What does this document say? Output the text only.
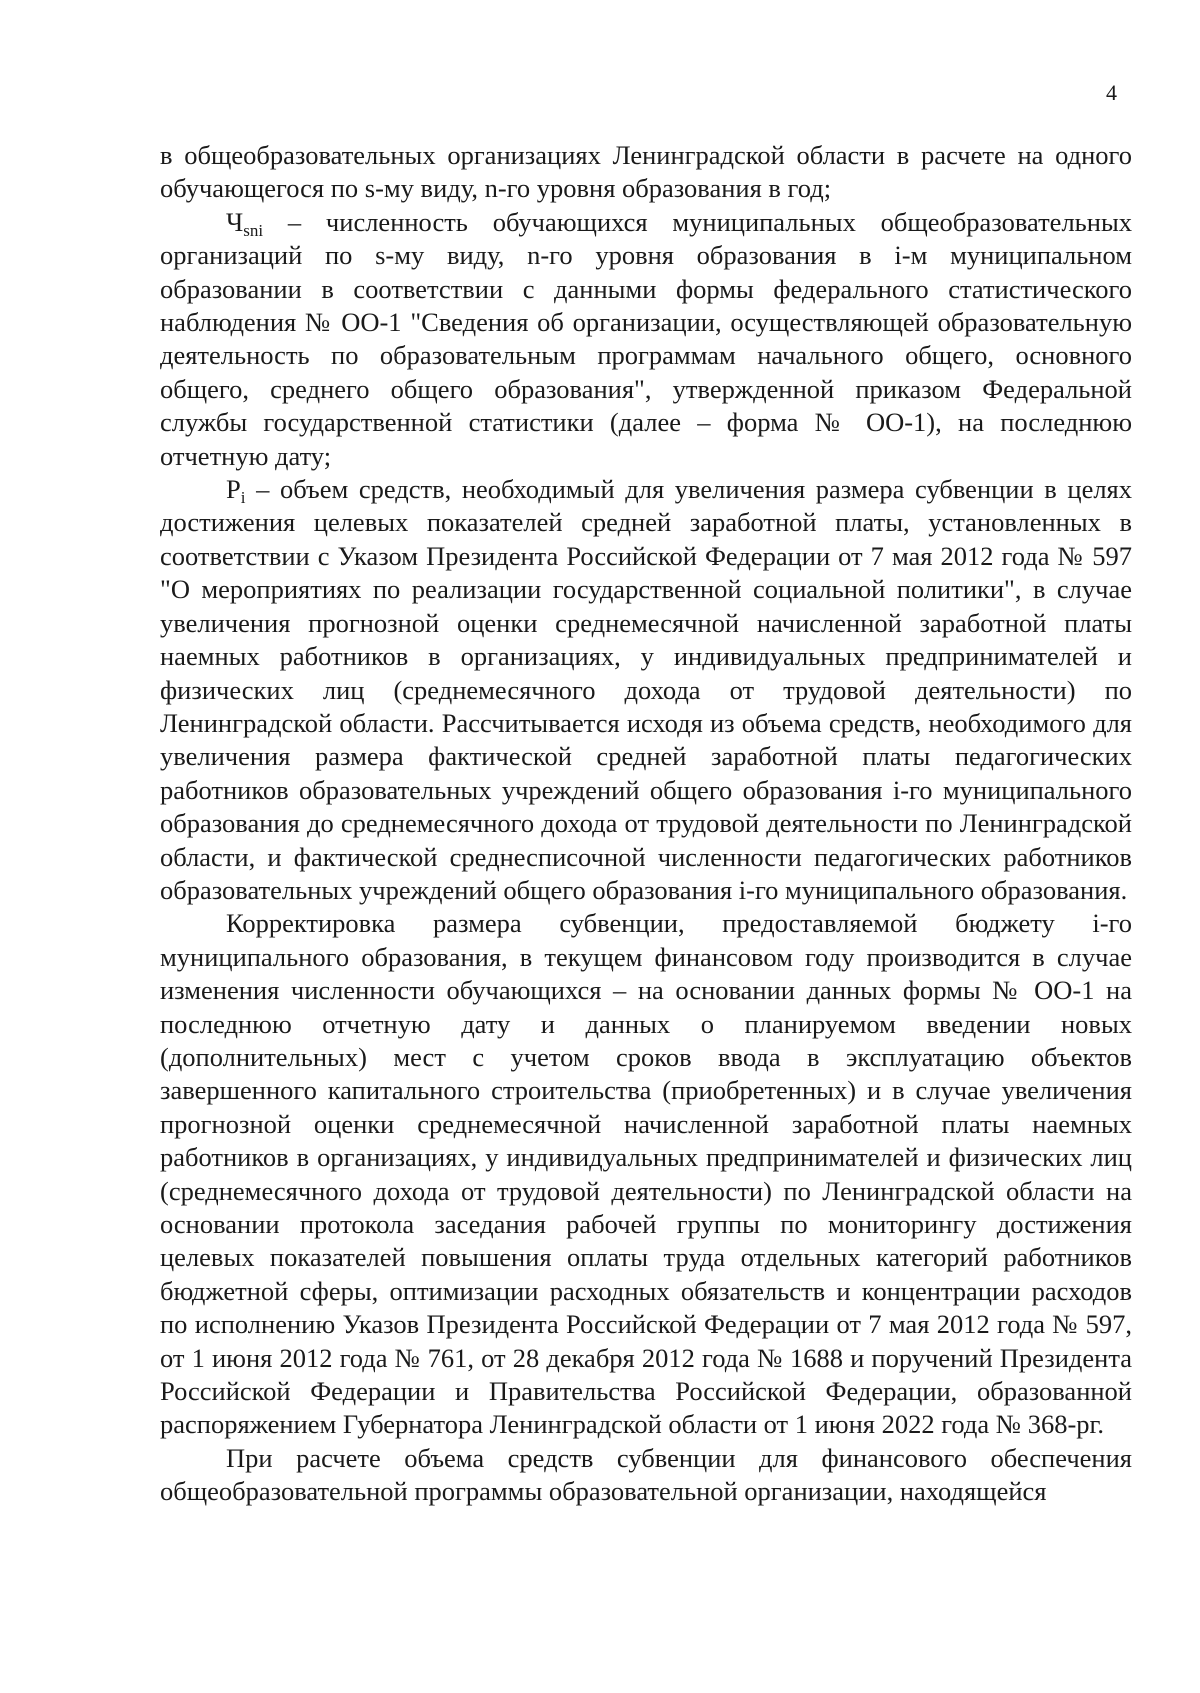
4

в общеобразовательных организациях Ленинградской области в расчете на одного обучающегося по s-му виду, n-го уровня образования в год;

$Ч_{sni}$ – численность обучающихся муниципальных общеобразовательных организаций по s-му виду, n-го уровня образования в i-м муниципальном образовании в соответствии с данными формы федерального статистического наблюдения № ОО-1 "Сведения об организации, осуществляющей образовательную деятельность по образовательным программам начального общего, основного общего, среднего общего образования", утвержденной приказом Федеральной службы государственной статистики (далее – форма № ОО-1), на последнюю отчетную дату;

$P_i$ – объем средств, необходимый для увеличения размера субвенции в целях достижения целевых показателей средней заработной платы, установленных в соответствии с Указом Президента Российской Федерации от 7 мая 2012 года № 597 "О мероприятиях по реализации государственной социальной политики", в случае увеличения прогнозной оценки среднемесячной начисленной заработной платы наемных работников в организациях, у индивидуальных предпринимателей и физических лиц (среднемесячного дохода от трудовой деятельности) по Ленинградской области. Рассчитывается исходя из объема средств, необходимого для увеличения размера фактической средней заработной платы педагогических работников образовательных учреждений общего образования i-го муниципального образования до среднемесячного дохода от трудовой деятельности по Ленинградской области, и фактической среднесписочной численности педагогических работников образовательных учреждений общего образования i-го муниципального образования.

Корректировка размера субвенции, предоставляемой бюджету i-го муниципального образования, в текущем финансовом году производится в случае изменения численности обучающихся – на основании данных формы № ОО-1 на последнюю отчетную дату и данных о планируемом введении новых (дополнительных) мест с учетом сроков ввода в эксплуатацию объектов завершенного капитального строительства (приобретенных) и в случае увеличения прогнозной оценки среднемесячной начисленной заработной платы наемных работников в организациях, у индивидуальных предпринимателей и физических лиц (среднемесячного дохода от трудовой деятельности) по Ленинградской области на основании протокола заседания рабочей группы по мониторингу достижения целевых показателей повышения оплаты труда отдельных категорий работников бюджетной сферы, оптимизации расходных обязательств и концентрации расходов по исполнению Указов Президента Российской Федерации от 7 мая 2012 года № 597, от 1 июня 2012 года № 761, от 28 декабря 2012 года № 1688 и поручений Президента Российской Федерации и Правительства Российской Федерации, образованной распоряжением Губернатора Ленинградской области от 1 июня 2022 года № 368-рг.

При расчете объема средств субвенции для финансового обеспечения общеобразовательной программы образовательной организации, находящейся
